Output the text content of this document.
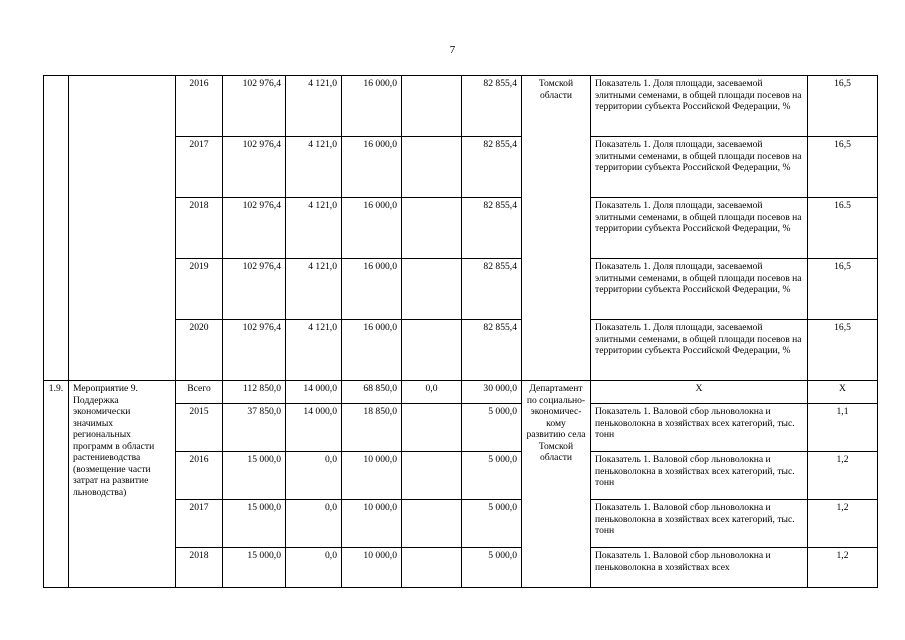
7
		2016	102 976,4	4 121,0	16 000,0		82 855,4	Томской области	Показатель 1. Доля площади, засеваемой элитными семенами, в общей площади посевов на территории субъекта Российской Федерации, %	16,5
		2017	102 976,4	4 121,0	16 000,0		82 855,4		Показатель 1. Доля площади, засеваемой элитными семенами, в общей площади посевов на территории субъекта Российской Федерации, %	16,5
		2018	102 976,4	4 121,0	16 000,0		82 855,4		Показатель 1. Доля площади, засеваемой элитными семенами, в общей площади посевов на территории субъекта Российской Федерации, %	16.5
		2019	102 976,4	4 121,0	16 000,0		82 855,4		Показатель 1. Доля площади, засеваемой элитными семенами, в общей площади посевов на территории субъекта Российской Федерации, %	16,5
		2020	102 976,4	4 121,0	16 000,0		82 855,4		Показатель 1. Доля площади, засеваемой элитными семенами, в общей площади посевов на территории субъекта Российской Федерации, %	16,5
1.9.	Мероприятие 9. Поддержка экономически значимых региональных программ в области растениеводства (возмещение части затрат на развитие льноводства)	Всего	112 850,0	14 000,0	68 850,0	0,0	30 000,0	Департамент по социально-экономичес-кому развитию села Томской области	X	X
		2015	37 850,0	14 000,0	18 850,0		5 000,0		Показатель 1. Валовой сбор льноволокна и пеньковолокна в хозяйствах всех категорий, тыс. тонн	1,1
		2016	15 000,0	0,0	10 000,0		5 000,0		Показатель 1. Валовой сбор льноволокна и пеньковолокна в хозяйствах всех категорий, тыс. тонн	1,2
		2017	15 000,0	0,0	10 000,0		5 000,0		Показатель 1. Валовой сбор льноволокна и пеньковолокна в хозяйствах всех категорий, тыс. тонн	1,2
		2018	15 000,0	0,0	10 000,0		5 000,0		Показатель 1. Валовой сбор льноволокна и пеньковолокна в хозяйствах всех	1,2
